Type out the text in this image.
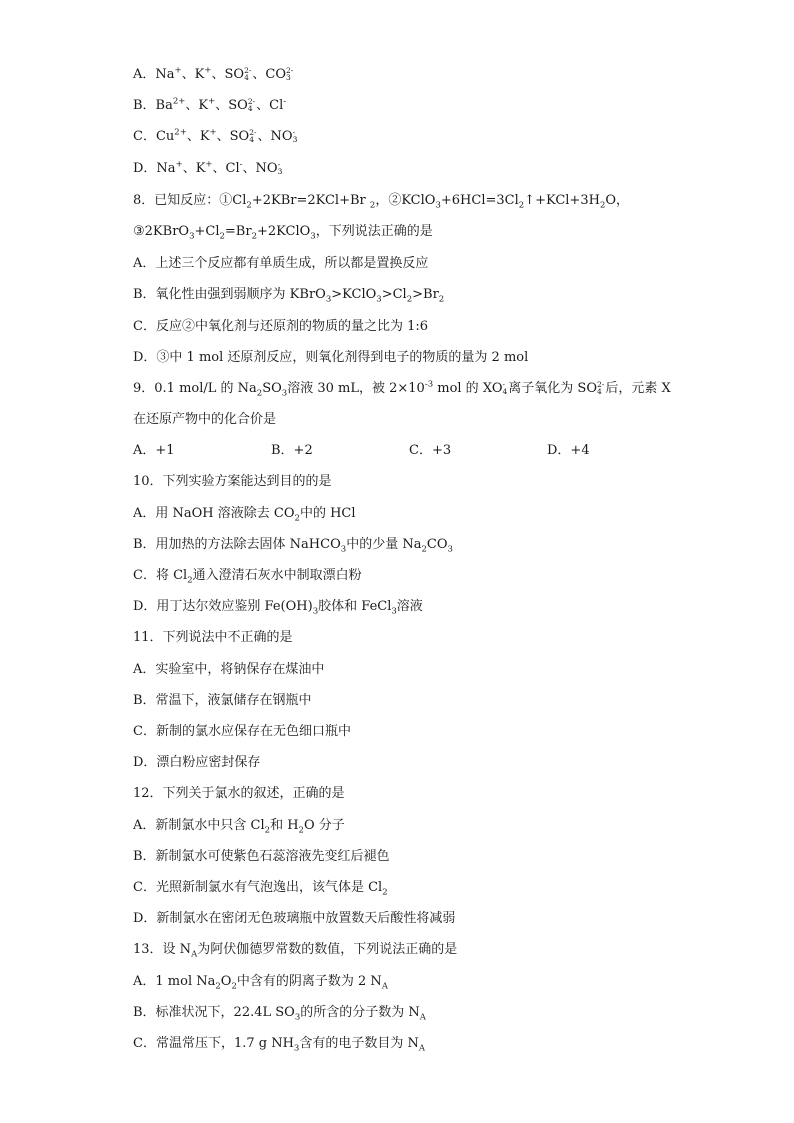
A．Na+、K+、SO 2-
4 、CO 2-
3
B．$Ba^{2+}$、K+、SO 2-
4 、Cl-
C．$Cu^{2+}$、K+、SO 2-
4 、NO -
3
D．Na+、K+、Cl-、NO -
3
8．已知反应：$①Cl_2+2KBr=2KCl+Br$ $_2$，$②KClO_3+6HCl=3Cl_2↑+KCl+3H_2O$，
$③2KBrO_3+Cl_2=Br_2+2KClO_3$，下列说法正确的是
A．上述三个反应都有单质生成，所以都是置换反应
B．氧化性由强到弱顺序为 $KBrO_3>KClO_3>Cl_2>Br_2$
C．反应②中氧化剂与还原剂的物质的量之比为 1:6
D．③中 1 mol 还原剂反应，则氧化剂得到电子的物质的量为 2 mol
9．0.1 mol/L 的 $Na_2SO_3$溶液 30 mL，被 $2\times 10^{-3}$ mol 的 XO -
4 离子氧化为 SO 2-
4 后，元素 X
在还原产物中的化合价是
A．+1	B．+2	C．+3	D．+4
10．下列实验方案能达到目的的是
A．用 NaOH 溶液除去 $CO_2$中的 HCl
B．用加热的方法除去固体 NaHCO$_3$中的少量 $Na_2CO_3$
C．将 $Cl_2$通入澄清石灰水中制取漂白粉
D．用丁达尔效应鉴别 $Fe(OH)_3$胶体和 FeCl$_3$溶液
11．下列说法中不正确的是
A．实验室中，将钠保存在煤油中
B．常温下，液氯储存在钢瓶中
C．新制的氯水应保存在无色细口瓶中
D．漂白粉应密封保存
12．下列关于氯水的叙述，正确的是
A．新制氯水中只含 $Cl_2$和 $H_2O$ 分子
B．新制氯水可使紫色石蕊溶液先变红后褪色
C．光照新制氯水有气泡逸出，该气体是 $Cl_2$
D．新制氯水在密闭无色玻璃瓶中放置数天后酸性将减弱
13．设 $N_A$为阿伏伽德罗常数的数值，下列说法正确的是
A．1 mol $Na_2O_2$中含有的阴离子数为 2 $N_A$
B．标准状况下，22.4L $SO_3$的所含的分子数为 $N_A$
C．常温常压下，1.7 g $NH_3$含有的电子数目为 $N_A$
